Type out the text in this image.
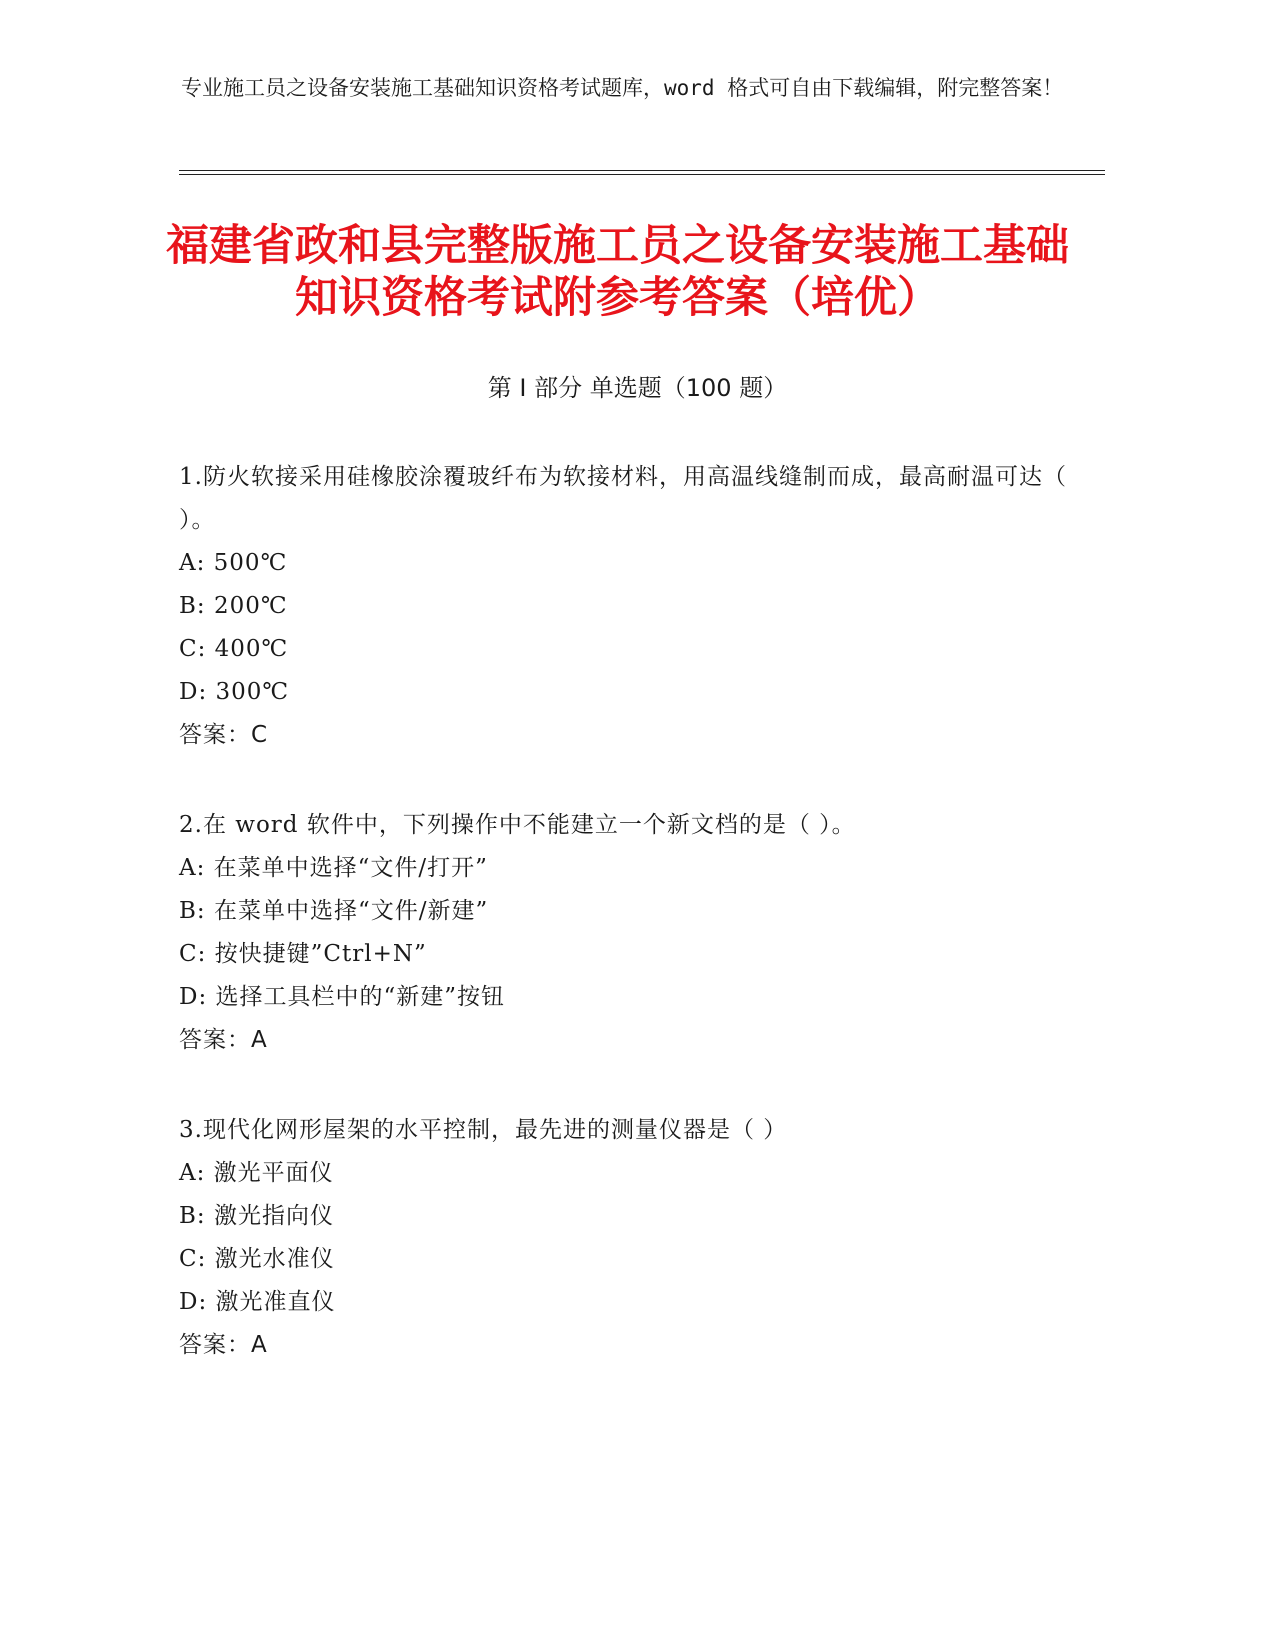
专业施工员之设备安装施工基础知识资格考试题库，word 格式可自由下载编辑，附完整答案！
福建省政和县完整版施工员之设备安装施工基础知识资格考试附参考答案（培优）
第 I 部分 单选题（100 题）
1.防火软接采用硅橡胶涂覆玻纤布为软接材料，用高温线缝制而成，最高耐温可达（ ）。
A: 500℃
B: 200℃
C: 400℃
D: 300℃
答案：C
2.在 word 软件中，下列操作中不能建立一个新文档的是（ ）。
A: 在菜单中选择“文件/打开”
B: 在菜单中选择“文件/新建”
C: 按快捷键”Ctrl+N”
D: 选择工具栏中的“新建”按钮
答案：A
3.现代化网形屋架的水平控制，最先进的测量仪器是（ ）
A: 激光平面仪
B: 激光指向仪
C: 激光水准仪
D: 激光准直仪
答案：A
